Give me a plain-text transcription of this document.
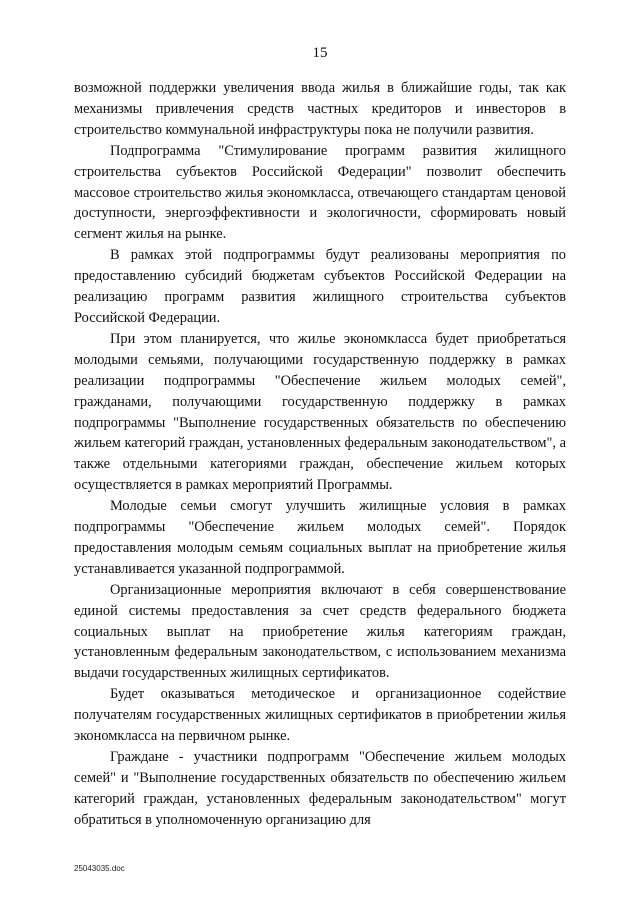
15

возможной поддержки увеличения ввода жилья в ближайшие годы, так как механизмы привлечения средств частных кредиторов и инвесторов в строительство коммунальной инфраструктуры пока не получили развития.

Подпрограмма "Стимулирование программ развития жилищного строительства субъектов Российской Федерации" позволит обеспечить массовое строительство жилья экономкласса, отвечающего стандартам ценовой доступности, энергоэффективности и экологичности, сформировать новый сегмент жилья на рынке.

В рамках этой подпрограммы будут реализованы мероприятия по предоставлению субсидий бюджетам субъектов Российской Федерации на реализацию программ развития жилищного строительства субъектов Российской Федерации.

При этом планируется, что жилье экономкласса будет приобретаться молодыми семьями, получающими государственную поддержку в рамках реализации подпрограммы "Обеспечение жильем молодых семей", гражданами, получающими государственную поддержку в рамках подпрограммы "Выполнение государственных обязательств по обеспечению жильем категорий граждан, установленных федеральным законодательством", а также отдельными категориями граждан, обеспечение жильем которых осуществляется в рамках мероприятий Программы.

Молодые семьи смогут улучшить жилищные условия в рамках подпрограммы "Обеспечение жильем молодых семей". Порядок предоставления молодым семьям социальных выплат на приобретение жилья устанавливается указанной подпрограммой.

Организационные мероприятия включают в себя совершенствование единой системы предоставления за счет средств федерального бюджета социальных выплат на приобретение жилья категориям граждан, установленным федеральным законодательством, с использованием механизма выдачи государственных жилищных сертификатов.

Будет оказываться методическое и организационное содействие получателям государственных жилищных сертификатов в приобретении жилья экономкласса на первичном рынке.

Граждане - участники подпрограмм "Обеспечение жильем молодых семей" и "Выполнение государственных обязательств по обеспечению жильем категорий граждан, установленных федеральным законодательством" могут обратиться в уполномоченную организацию для

25043035.doc
